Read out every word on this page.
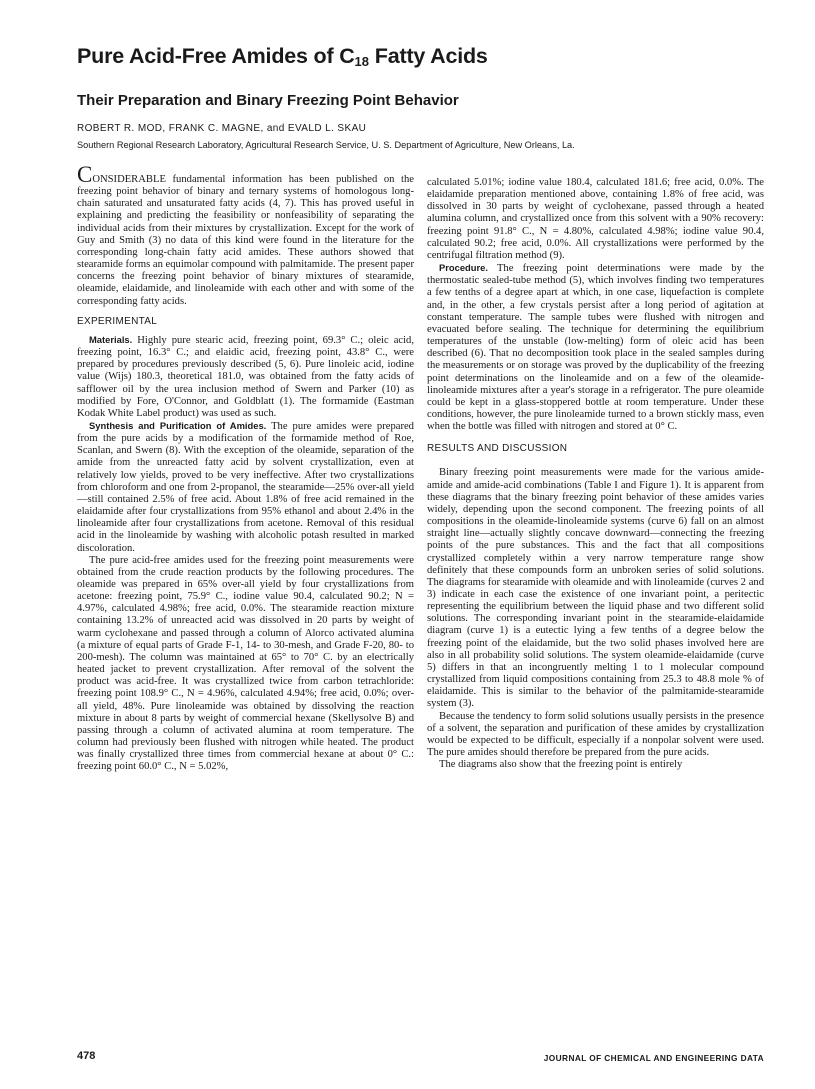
Pure Acid-Free Amides of $C_{18}$ Fatty Acids
Their Preparation and Binary Freezing Point Behavior
ROBERT R. MOD, FRANK C. MAGNE, and EVALD L. SKAU
Southern Regional Research Laboratory, Agricultural Research Service, U. S. Department of Agriculture, New Orleans, La.

CONSIDERABLE fundamental information has been published on the freezing point behavior of binary and ternary systems of homologous long-chain saturated and unsaturated fatty acids (4, 7). This has proved useful in explaining and predicting the feasibility or nonfeasibility of separating the individual acids from their mixtures by crystallization. Except for the work of Guy and Smith (3) no data of this kind were found in the literature for the corresponding long-chain fatty acid amides. These authors showed that stearamide forms an equimolar compound with palmitamide. The present paper concerns the freezing point behavior of binary mixtures of stearamide, oleamide, elaidamide, and linoleamide with each other and with some of the corresponding fatty acids.

EXPERIMENTAL

Materials. Highly pure stearic acid, freezing point, 69.3° C.; oleic acid, freezing point, 16.3° C.; and elaidic acid, freezing point, 43.8° C., were prepared by procedures previously described (5, 6). Pure linoleic acid, iodine value (Wijs) 180.3, theoretical 181.0, was obtained from the fatty acids of safflower oil by the urea inclusion method of Swern and Parker (10) as modified by Fore, O'Connor, and Goldblatt (1). The formamide (Eastman Kodak White Label product) was used as such.

Synthesis and Purification of Amides. The pure amides were prepared from the pure acids by a modification of the formamide method of Roe, Scanlan, and Swern (8). With the exception of the oleamide, separation of the amide from the unreacted fatty acid by solvent crystallization, even at relatively low yields, proved to be very ineffective. After two crystallizations from chloroform and one from 2-propanol, the stearamide—25% over-all yield—still contained 2.5% of free acid. About 1.8% of free acid remained in the elaidamide after four crystallizations from 95% ethanol and about 2.4% in the linoleamide after four crystallizations from acetone. Removal of this residual acid in the linoleamide by washing with alcoholic potash resulted in marked discoloration.

The pure acid-free amides used for the freezing point measurements were obtained from the crude reaction products by the following procedures. The oleamide was prepared in 65% over-all yield by four crystallizations from acetone: freezing point, 75.9° C., iodine value 90.4, calculated 90.2; N = 4.97%, calculated 4.98%; free acid, 0.0%. The stearamide reaction mixture containing 13.2% of unreacted acid was dissolved in 20 parts by weight of warm cyclohexane and passed through a column of Alorco activated alumina (a mixture of equal parts of Grade F-1, 14- to 30-mesh, and Grade F-20, 80- to 200-mesh). The column was maintained at 65° to 70° C. by an electrically heated jacket to prevent crystallization. After removal of the solvent the product was acid-free. It was crystallized twice from carbon tetrachloride: freezing point 108.9° C., N = 4.96%, calculated 4.94%; free acid, 0.0%; over-all yield, 48%. Pure linoleamide was obtained by dissolving the reaction mixture in about 8 parts by weight of commercial hexane (Skellysolve B) and passing through a column of activated alumina at room temperature. The column had previously been flushed with nitrogen while heated. The product was finally crystallized three times from commercial hexane at about 0° C.: freezing point 60.0° C., N = 5.02%,

calculated 5.01%; iodine value 180.4, calculated 181.6; free acid, 0.0%. The elaidamide preparation mentioned above, containing 1.8% of free acid, was dissolved in 30 parts by weight of cyclohexane, passed through a heated alumina column, and crystallized once from this solvent with a 90% recovery: freezing point 91.8° C., N = 4.80%, calculated 4.98%; iodine value 90.4, calculated 90.2; free acid, 0.0%. All crystallizations were performed by the centrifugal filtration method (9).

Procedure. The freezing point determinations were made by the thermostatic sealed-tube method (5), which involves finding two temperatures a few tenths of a degree apart at which, in one case, liquefaction is complete and, in the other, a few crystals persist after a long period of agitation at constant temperature. The sample tubes were flushed with nitrogen and evacuated before sealing. The technique for determining the equilibrium temperatures of the unstable (low-melting) form of oleic acid has been described (6). That no decomposition took place in the sealed samples during the measurements or on storage was proved by the duplicability of the freezing point determinations on the linoleamide and on a few of the oleamide-linoleamide mixtures after a year's storage in a refrigerator. The pure oleamide could be kept in a glass-stoppered bottle at room temperature. Under these conditions, however, the pure linoleamide turned to a brown stickly mass, even when the bottle was filled with nitrogen and stored at 0° C.

RESULTS AND DISCUSSION

Binary freezing point measurements were made for the various amide-amide and amide-acid combinations (Table I and Figure 1). It is apparent from these diagrams that the binary freezing point behavior of these amides varies widely, depending upon the second component. The freezing points of all compositions in the oleamide-linoleamide systems (curve 6) fall on an almost straight line—actually slightly concave downward—connecting the freezing points of the pure substances. This and the fact that all compositions crystallized completely within a very narrow temperature range show definitely that these compounds form an unbroken series of solid solutions. The diagrams for stearamide with oleamide and with linoleamide (curves 2 and 3) indicate in each case the existence of one invariant point, a peritectic representing the equilibrium between the liquid phase and two different solid solutions. The corresponding invariant point in the stearamide-elaidamide diagram (curve 1) is a eutectic lying a few tenths of a degree below the freezing point of the elaidamide, but the two solid phases involved here are also in all probability solid solutions. The system oleamide-elaidamide (curve 5) differs in that an incongruently melting 1 to 1 molecular compound crystallized from liquid compositions containing from 25.3 to 48.8 mole % of elaidamide. This is similar to the behavior of the palmitamide-stearamide system (3).

Because the tendency to form solid solutions usually persists in the presence of a solvent, the separation and purification of these amides by crystallization would be expected to be difficult, especially if a nonpolar solvent were used. The pure amides should therefore be prepared from the pure acids.

The diagrams also show that the freezing point is entirely

478	JOURNAL OF CHEMICAL AND ENGINEERING DATA
